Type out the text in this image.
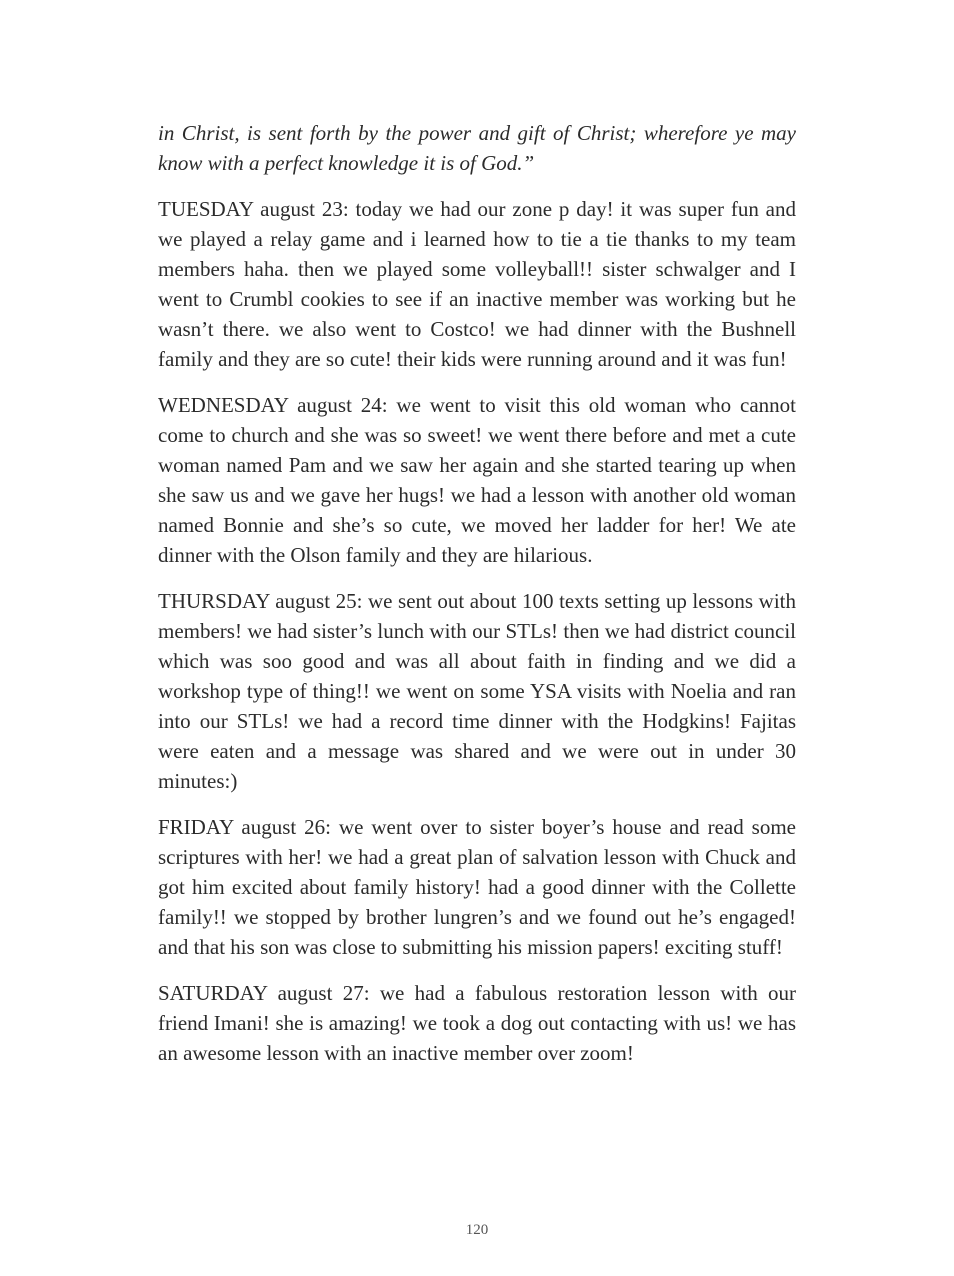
in Christ, is sent forth by the power and gift of Christ; wherefore ye may know with a perfect knowledge it is of God.”

TUESDAY august 23: today we had our zone p day! it was super fun and we played a relay game and i learned how to tie a tie thanks to my team members haha. then we played some volleyball!! sister schwalger and I went to Crumbl cookies to see if an inactive member was working but he wasn’t there. we also went to Costco! we had dinner with the Bushnell family and they are so cute! their kids were running around and it was fun!

WEDNESDAY august 24: we went to visit this old woman who cannot come to church and she was so sweet! we went there before and met a cute woman named Pam and we saw her again and she started tearing up when she saw us and we gave her hugs! we had a lesson with another old woman named Bonnie and she’s so cute, we moved her ladder for her! We ate dinner with the Olson family and they are hilarious.

THURSDAY august 25: we sent out about 100 texts setting up lessons with members! we had sister’s lunch with our STLs! then we had district council which was soo good and was all about faith in finding and we did a workshop type of thing!! we went on some YSA visits with Noelia and ran into our STLs! we had a record time dinner with the Hodgkins! Fajitas were eaten and a message was shared and we were out in under 30 minutes:)

FRIDAY august 26: we went over to sister boyer’s house and read some scriptures with her! we had a great plan of salvation lesson with Chuck and got him excited about family history! had a good dinner with the Collette family!! we stopped by brother lungren’s and we found out he’s engaged! and that his son was close to submitting his mission papers! exciting stuff!

SATURDAY august 27: we had a fabulous restoration lesson with our friend Imani! she is amazing! we took a dog out contacting with us! we has an awesome lesson with an inactive member over zoom!

120
